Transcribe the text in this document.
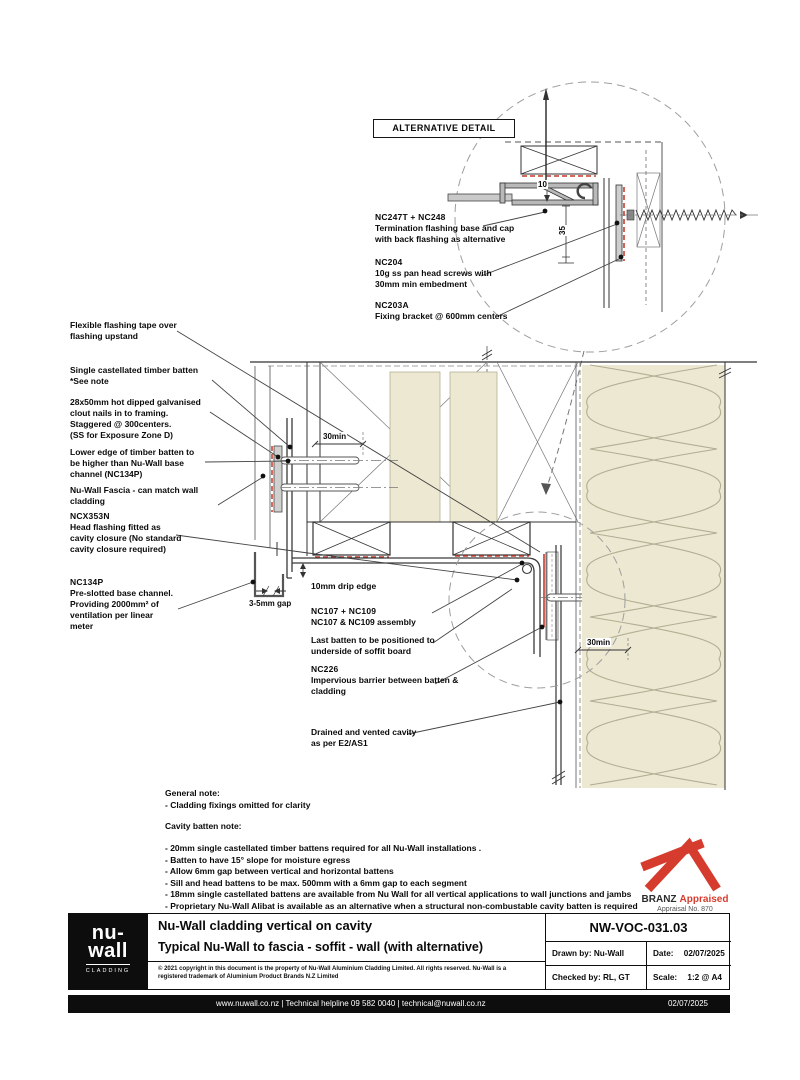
ALTERNATIVE DETAIL
NC247T + NC248
Termination flashing base and cap
with back flashing as alternative
NC204
10g ss pan head screws with
30mm min embedment
NC203A
Fixing bracket @ 600mm centers
10
35
Flexible flashing tape over
flashing upstand
Single castellated timber batten
*See note
28x50mm hot dipped galvanised
clout nails in to framing.
Staggered @ 300centers.
(SS for Exposure Zone D)
Lower edge of timber batten to
be higher than Nu-Wall base
channel (NC134P)
Nu-Wall Fascia - can match wall
cladding
NCX353N
Head flashing fitted as
cavity closure (No standard
cavity closure required)
NC134P
Pre-slotted base channel.
Providing 2000mm² of
ventilation per linear
meter
10mm drip edge
NC107 + NC109
NC107 & NC109 assembly
Last batten to be positioned to
underside of soffit board
NC226
Impervious barrier between batten &
cladding
Drained and vented cavity
as per E2/AS1
30min
30min
3-5mm gap
General note:
- Cladding fixings omitted for clarity
Cavity batten note:
- 20mm single castellated timber battens required for all Nu-Wall installations .
- Batten to have 15° slope for moisture egress
- Allow 6mm gap between vertical and horizontal battens
- Sill and head battens to be max. 500mm with a 6mm gap to each segment
- 18mm single castellated battens are available from Nu Wall for all vertical applications to wall junctions and jambs
- Proprietary Nu-Wall Alibat is available as an alternative when a structural non-combustable cavity batten is required
BRANZ Appraised
Appraisal No. 870
nu-
wall
CLADDING
Nu-Wall cladding vertical on cavity
Typical Nu-Wall to fascia - soffit - wall (with alternative)
© 2021 copyright in this document is the property of Nu-Wall Aluminium Cladding Limited. All rights reserved. Nu-Wall is a registered trademark of Aluminium Product Brands N.Z Limited
NW-VOC-031.03
Drawn by: Nu-Wall	Date: 02/07/2025
Checked by: RL, GT	Scale: 1:2 @ A4
www.nuwall.co.nz | Technical helpline 09 582 0040 | technical@nuwall.co.nz	02/07/2025
